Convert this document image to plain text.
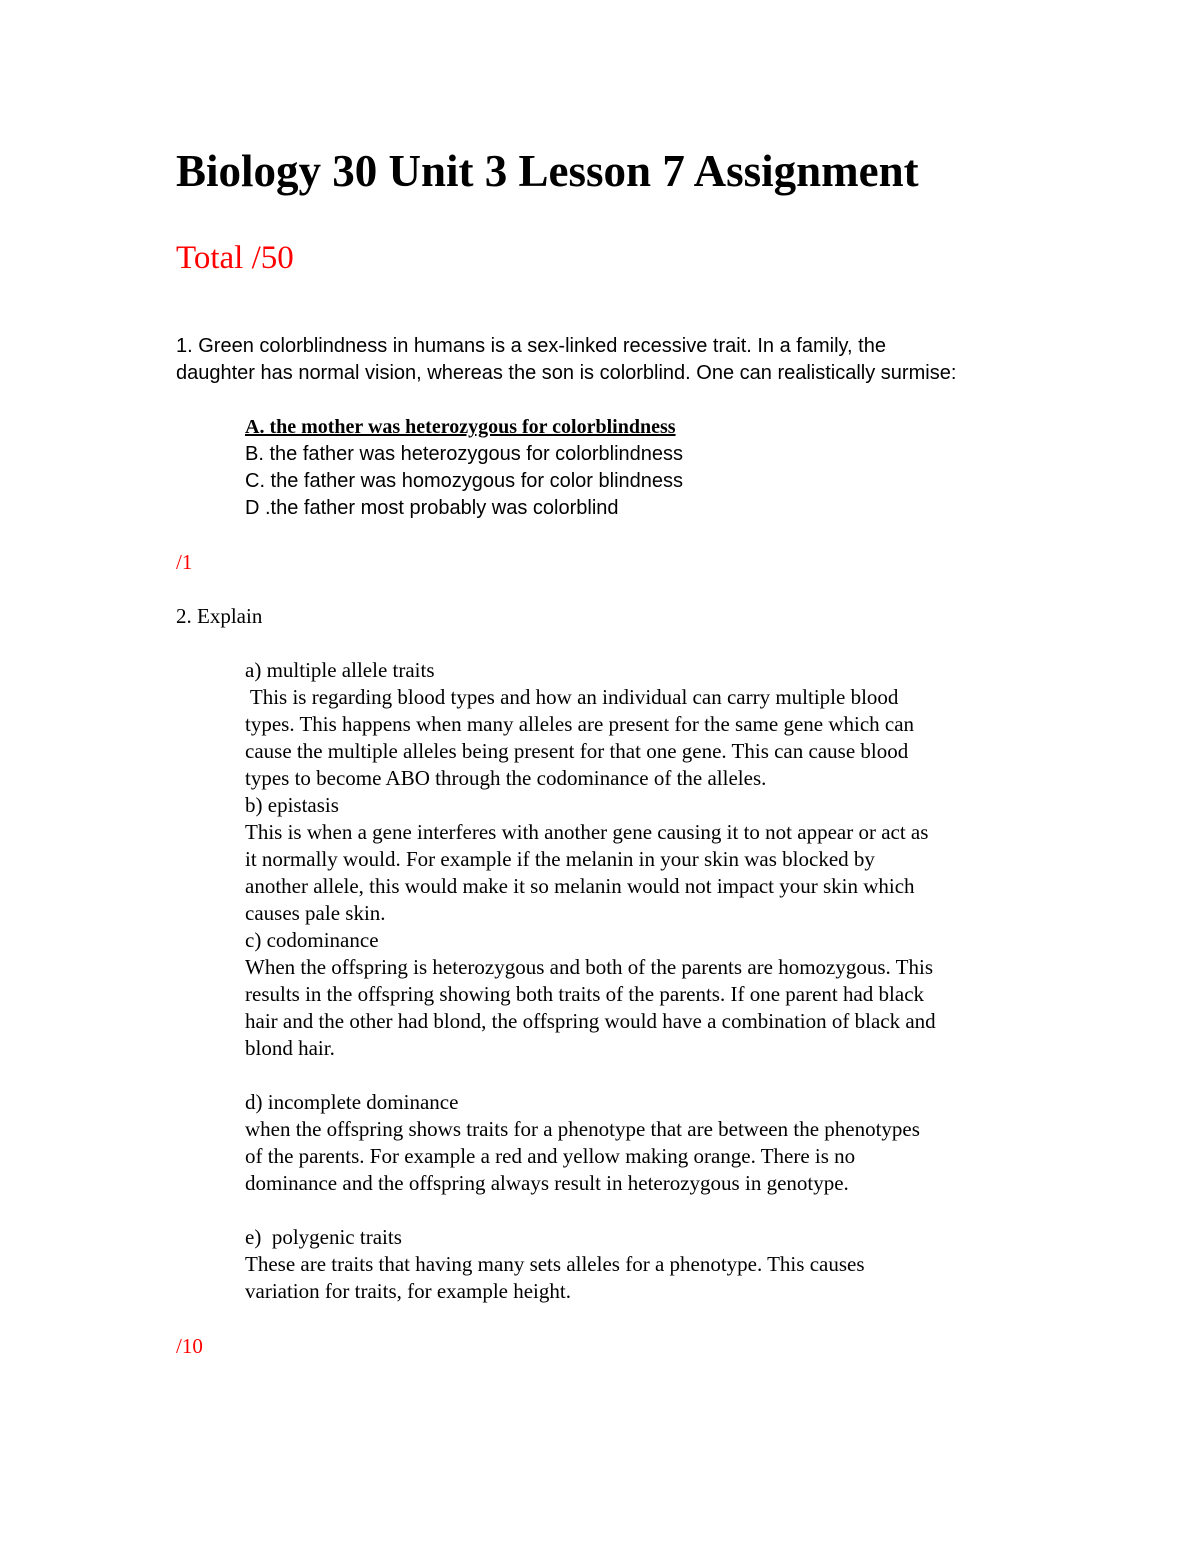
Biology 30 Unit 3 Lesson 7 Assignment
Total /50
1. Green colorblindness in humans is a sex-linked recessive trait. In a family, the
daughter has normal vision, whereas the son is colorblind. One can realistically surmise:
A. the mother was heterozygous for colorblindness
B. the father was heterozygous for colorblindness
C. the father was homozygous for color blindness
D .the father most probably was colorblind
/1
2. Explain
a) multiple allele traits
This is regarding blood types and how an individual can carry multiple blood
types. This happens when many alleles are present for the same gene which can
cause the multiple alleles being present for that one gene. This can cause blood
types to become ABO through the codominance of the alleles.
b) epistasis
This is when a gene interferes with another gene causing it to not appear or act as
it normally would. For example if the melanin in your skin was blocked by
another allele, this would make it so melanin would not impact your skin which
causes pale skin.
c) codominance
When the offspring is heterozygous and both of the parents are homozygous. This
results in the offspring showing both traits of the parents. If one parent had black
hair and the other had blond, the offspring would have a combination of black and
blond hair.
d) incomplete dominance
when the offspring shows traits for a phenotype that are between the phenotypes
of the parents. For example a red and yellow making orange. There is no
dominance and the offspring always result in heterozygous in genotype.
e)  polygenic traits
These are traits that having many sets alleles for a phenotype. This causes
variation for traits, for example height.
/10
